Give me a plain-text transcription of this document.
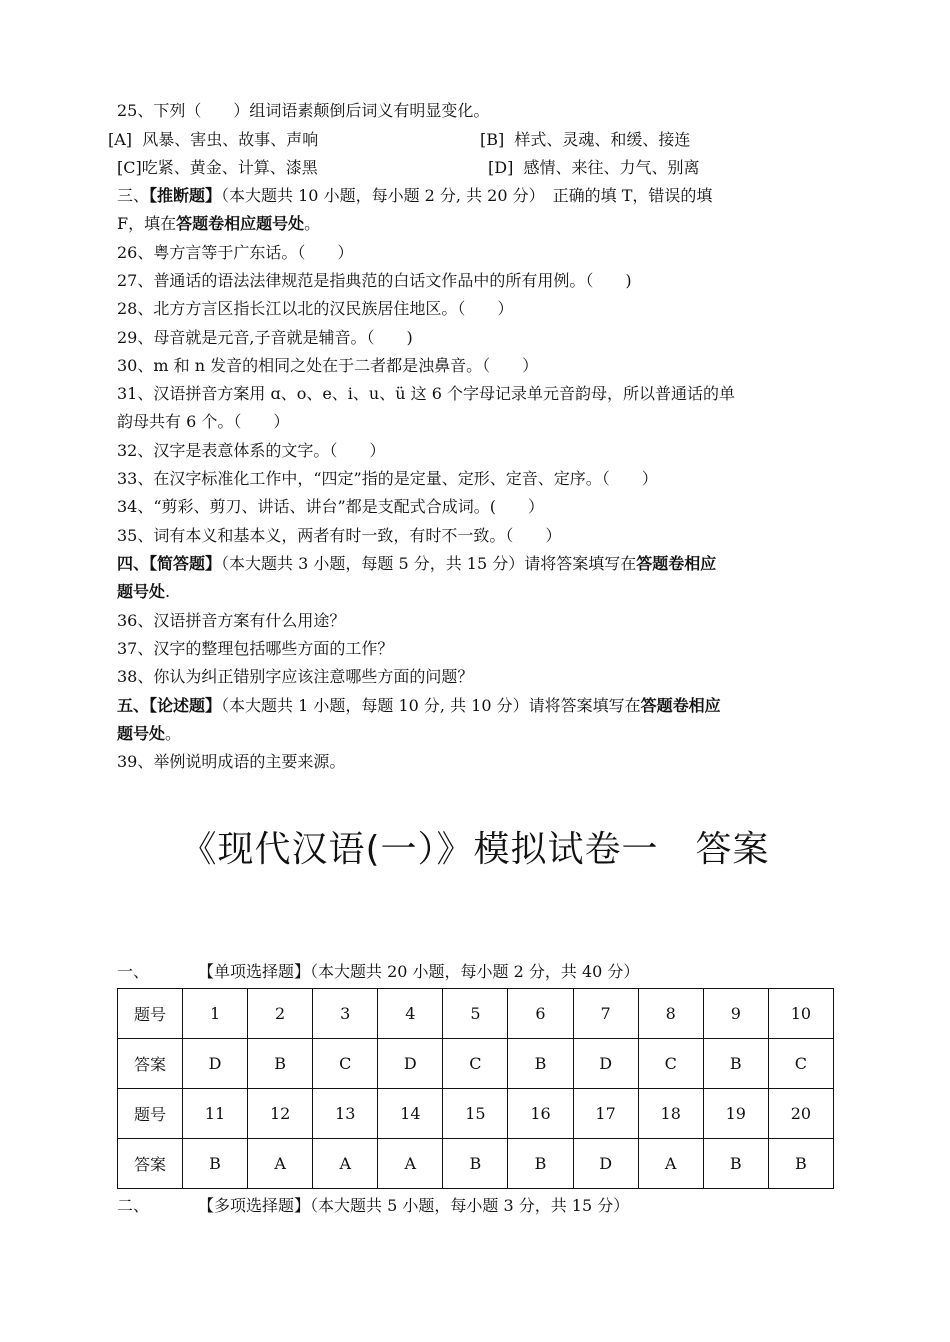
25、下列（　　）组词语素颠倒后词义有明显变化。
[A] 风暴、害虫、故事、声响	[B] 样式、灵魂、和缓、接连
[C]吃紧、黄金、计算、漆黑	[D] 感情、来往、力气、别离
三、【推断题】（本大题共 10 小题，每小题 2 分, 共 20 分）　正确的填 T，错误的填
F，填在答题卷相应题号处。
26、粤方言等于广东话。（　　）
27、普通话的语法法律规范是指典范的白话文作品中的所有用例。（　　)
28、北方方言区指长江以北的汉民族居住地区。（　　）
29、母音就是元音,子音就是辅音。（　　)
30、m 和 n 发音的相同之处在于二者都是浊鼻音。（　　）
31、汉语拼音方案用 ɑ、o、e、i、u、ü 这 6 个字母记录单元音韵母，所以普通话的单
韵母共有 6 个。（　　）
32、汉字是表意体系的文字。（　　）
33、在汉字标准化工作中，“四定”指的是定量、定形、定音、定序。（　　）
34、“剪彩、剪刀、讲话、讲台”都是支配式合成词。(　　）
35、词有本义和基本义，两者有时一致，有时不一致。（　　）
四、【简答题】（本大题共 3 小题，每题 5 分，共 15 分）请将答案填写在答题卷相应
题号处.
36、汉语拼音方案有什么用途？
37、汉字的整理包括哪些方面的工作？
38、你认为纠正错别字应该注意哪些方面的问题？
五、【论述题】（本大题共 1 小题，每题 10 分, 共 10 分）请将答案填写在答题卷相应
题号处。
39、举例说明成语的主要来源。
《现代汉语(一）》模拟试卷一　答案
一、	【单项选择题】（本大题共 20 小题，每小题 2 分，共 40 分）
题号	1	2	3	4	5	6	7	8	9	10
答案	D	B	C	D	C	B	D	C	B	C
题号	11	12	13	14	15	16	17	18	19	20
答案	B	A	A	A	B	B	D	A	B	B
二、	【多项选择题】（本大题共 5 小题，每小题 3 分，共 15 分）
